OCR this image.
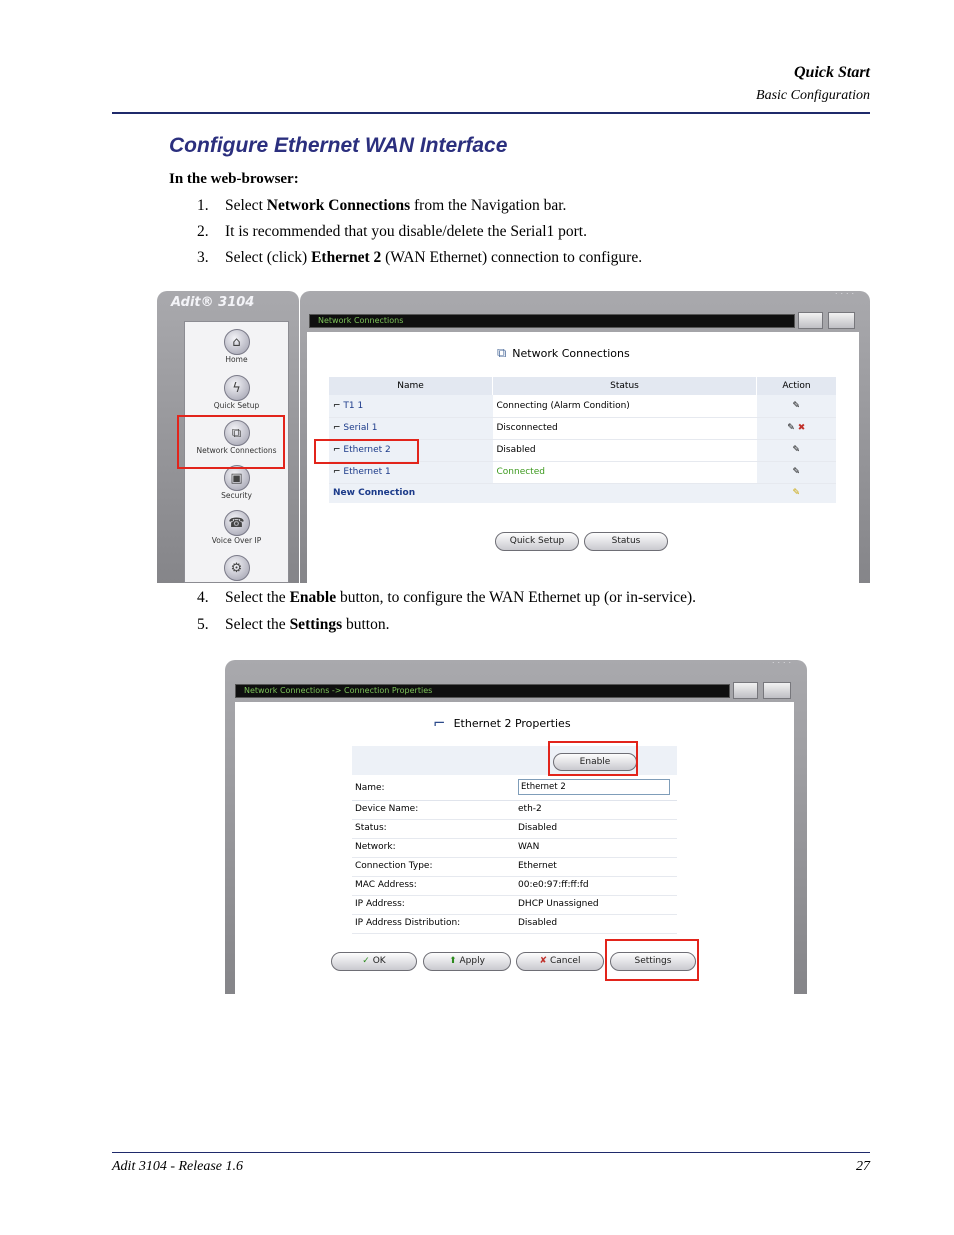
Quick Start
Basic Configuration
Configure Ethernet WAN Interface
In the web-browser:
1. Select Network Connections from the Navigation bar.
2. It is recommended that you disable/delete the Serial1 port.
3. Select (click) Ethernet 2 (WAN Ethernet) connection to configure.
Adit® 3104
⌂
Home
ϟ
Quick Setup
⧉
Network Connections
▣
Security
☎
Voice Over IP
⚙
˙˙˙˙
Network Connections
⧉ Network Connections
Name	Status	Action
⌐ T1 1	Connecting (Alarm Condition)	✎
⌐ Serial 1	Disconnected	✎ ✖
⌐ Ethernet 2	Disabled	✎
⌐ Ethernet 1	Connected	✎
New Connection		✎
Quick Setup	Status
4. Select the Enable button, to configure the WAN Ethernet up (or in-service).
5. Select the Settings button.
˙˙˙˙
Network Connections -> Connection Properties
⌐ Ethernet 2 Properties
Enable
Name:
Ethernet 2
Device Name:	eth-2
Status:	Disabled
Network:	WAN
Connection Type:	Ethernet
MAC Address:	00:e0:97:ff:ff:fd
IP Address:	DHCP Unassigned
IP Address Distribution:	Disabled
✓ OK	⬆ Apply	✘ Cancel	Settings
Adit 3104 - Release 1.6	27
